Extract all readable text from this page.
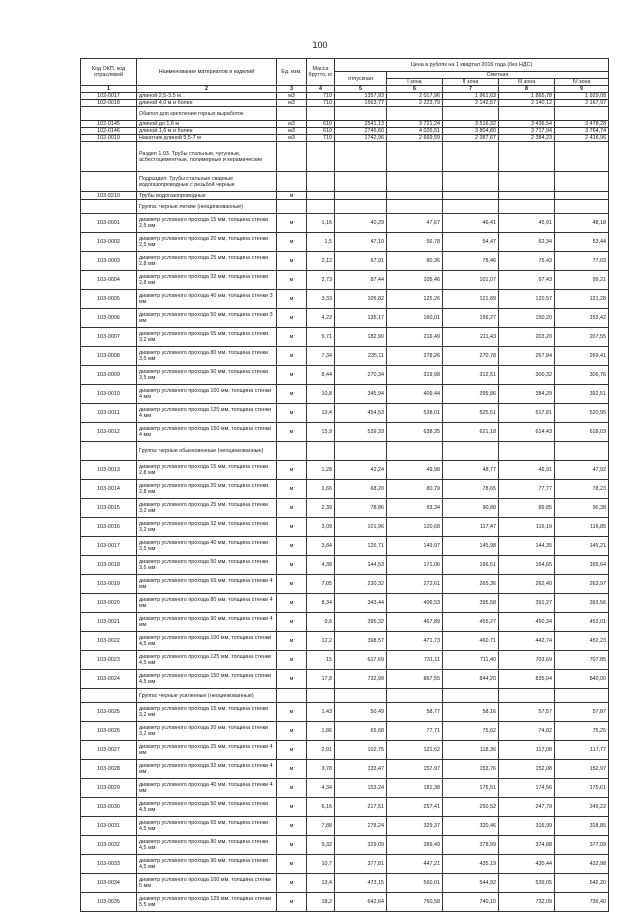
100
Код ОКП, код отраслевой	Наименование материалов и изделий	Ед. изм.	Масса брутто, кг	Цена в рублях на 1 квартал 2016 года (без НДС)				
				отпускная	Сметная			
					I зона	II зона	III зона	IV зона
1	2	3	4	5	6	7	8	9
102-0017	длиной 2,5-3,5 м	м3	710	1357,93	2 017,96	1 961,63	1 865,78	1 929,08
102-0018	длиной 4,0 м и более	м3	710	1563,77	2 223,79	2 142,57	2 140,12	2 167,97
	Обапол для крепления горных выработок							
102-0145	длиной до 1,6 м	м3	610	2541,13	3 721,24	3 516,32	3 436,54	3 478,28
102-0146	длиной 1,6 м и более	м3	610	2746,60	4 026,51	3 804,80	3 717,94	3 764,74
102-0019	Накатник длиной 5,5-7 м	м3	710	1742,96	2 669,59	2 387,67	2 384,23	2 416,96
	Раздел 1.03. Трубы стальные, чугунные, асбестоцементные, полимерные и керамические							
	Подраздел: Трубы стальные сварные водогазопроводные с резьбой черные							
103-9210	Трубы водогазопроводные	м						
	Группа: черные легкие (неоцинкованные)							
103-0001	диаметр условного прохода 15 мм, толщина стенки 2,5 мм	м	1,16	40,29	47,67	46,41	45,91	48,18
103-0002	диаметр условного прохода 20 мм, толщина стенки 2,5 мм	м	1,5	47,10	56,78	54,47	62,34	53,44
103-0003	диаметр условного прохода 25 мм, толщина стенки 2,8 мм	м	2,12	67,91	80,36	78,46	75,43	77,03
103-0004	диаметр условного прохода 32 мм, толщина стенки 2,8 мм	м	2,73	87,44	105,46	101,07	97,43	99,21
103-0005	диаметр условного прохода 40 мм, толщина стенки 3 мм	м	3,33	105,82	125,26	121,89	120,57	121,28
103-0006	диаметр условного прохода 50 мм, толщина стенки 3 мм	м	4,22	135,17	160,01	156,27	150,20	153,42
103-0007	диаметр условного прохода 65 мм, толщина стенки 3,2 мм	м	5,71	182,90	216,49	211,43	203,20	207,55
103-0008	диаметр условного прохода 80 мм, толщина стенки 3,5 мм	м	7,34	235,11	278,26	270,78	267,84	269,41
103-0009	диаметр условного прохода 90 мм, толщина стенки 3,5 мм	м	8,44	270,34	319,98	312,51	300,32	306,76
103-0010	диаметр условного прохода 100 мм, толщина стенки 4 мм	м	10,8	345,94	409,44	399,86	384,29	392,51
103-0011	диаметр условного прохода 125 мм, толщина стенки 4 мм	м	13,4	454,53	538,01	525,51	517,81	520,95
103-0012	диаметр условного прохода 150 мм, толщина стенки 4 мм	м	15,9	539,33	638,35	621,18	614,43	618,03
	Группа: черные обыкновенные (неоцинкованные)							
103-0013	диаметр условного прохода 15 мм, толщина стенки 2,8 мм	м	1,28	42,24	49,98	48,77	46,91	47,92
103-0014	диаметр условного прохода 20 мм, толщина стенки 2,8 мм	м	1,66	68,20	80,79	78,65	77,77	78,23
103-0015	диаметр условного прохода 25 мм, толщина стенки 3,2 мм	м	2,39	78,86	93,34	90,88	89,85	90,38
103-0016	диаметр условного прохода 32 мм, толщина стенки 3,2 мм	м	3,09	101,96	120,68	117,47	116,19	116,85
103-0017	диаметр условного прохода 40 мм, толщина стенки 3,5 мм	м	3,84	126,71	149,97	145,98	144,35	145,21
103-0018	диаметр условного прохода 50 мм, толщина стенки 3,5 мм	м	4,38	144,53	171,06	166,51	164,65	165,64
103-0019	диаметр условного прохода 65 мм, толщина стенки 4 мм	м	7,05	230,32	272,61	265,36	262,40	263,97
103-0020	диаметр условного прохода 80 мм, толщина стенки 4 мм	м	8,34	343,44	406,53	395,58	391,27	393,56
103-0021	диаметр условного прохода 90 мм, толщина стенки 4 мм	м	9,6	395,32	467,89	455,27	450,34	453,01
103-0022	диаметр условного прохода 100 мм, толщина стенки 4,5 мм	м	12,2	398,57	471,73	460,71	442,74	452,23
103-0023	диаметр условного прохода 125 мм, толщина стенки 4,5 мм	м	15	617,69	731,11	711,40	703,69	707,85
103-0024	диаметр условного прохода 150 мм, толщина стенки 4,5 мм	м	17,8	732,99	867,55	844,20	835,04	840,00
	Группа: черные усиленные (неоцинкованные)							
103-0025	диаметр условного прохода 15 мм, толщина стенки 3,2 мм	м	1,43	50,49	58,77	58,16	57,57	57,87
103-0026	диаметр условного прохода 20 мм, толщина стенки 3,2 мм	м	1,86	65,68	77,71	75,62	74,82	75,25
103-0027	диаметр условного прохода 25 мм, толщина стенки 4 мм	м	2,91	102,75	121,62	118,36	117,08	117,77
103-0028	диаметр условного прохода 32 мм, толщина стенки 4 мм	м	3,78	133,47	157,97	153,76	152,08	152,97
103-0029	диаметр условного прохода 40 мм, толщина стенки 4 мм	м	4,34	153,24	181,38	176,51	174,56	175,61
103-0030	диаметр условного прохода 50 мм, толщина стенки 4,5 мм	м	6,16	217,51	257,41	250,52	247,79	249,22
103-0031	диаметр условного прохода 65 мм, толщина стенки 4,5 мм	м	7,88	278,24	329,37	320,46	316,99	318,85
103-0032	диаметр условного прохода 80 мм, толщина стенки 4,5 мм	м	9,32	329,09	389,49	378,99	374,88	377,09
103-0033	диаметр условного прохода 90 мм, толщина стенки 4,5 мм	м	10,7	377,81	447,21	435,19	430,44	432,98
103-0034	диаметр условного прохода 100 мм, толщина стенки 5 мм	м	13,4	473,15	560,01	544,92	539,05	542,20
103-0035	диаметр условного прохода 125 мм, толщина стенки 5,5 мм	м	18,2	642,64	760,58	740,10	732,09	736,40
